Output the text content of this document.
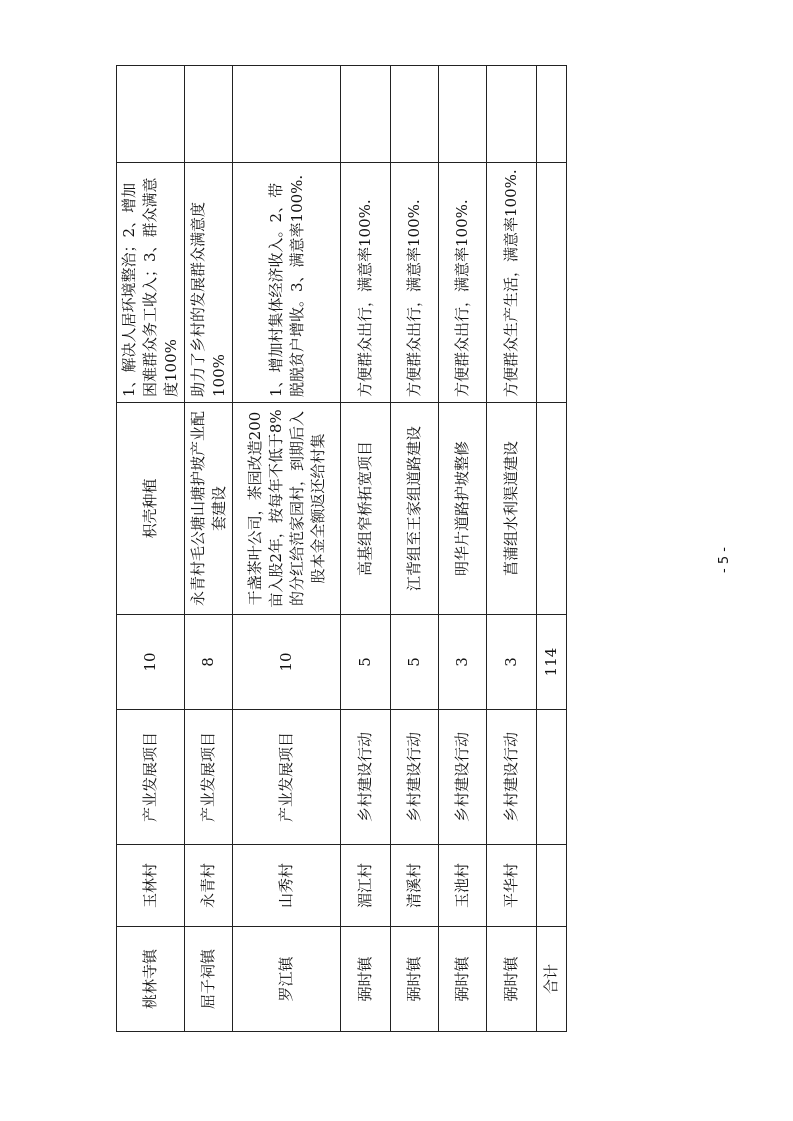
桃林寺镇	玉林村	产业发展项目	10	枳壳种植	1、解决人居环境整治；2、增加困难群众务工收入；3、群众满意度100%	
屈子祠镇	永青村	产业发展项目	8	永青村毛公塘山塘护坡产业配套建设	助力了乡村的发展群众满意度100%	
罗江镇	山秀村	产业发展项目	10	干盏茶叶公司，茶园改造200亩入股2年，按每年不低于8%的分红给范家园村，到期后入股本金全额返还给村集	1、增加村集体经济收入。2、带脱脱贫户增收。3、满意率100%.	
弼时镇	湄江村	乡村建设行动	5	高基组窄桥拓宽项目	方便群众出行，满意率100%.	
弼时镇	清溪村	乡村建设行动	5	江背组至王家组道路建设	方便群众出行，满意率100%.	
弼时镇	玉池村	乡村建设行动	3	明华片道路护坡整修	方便群众出行，满意率100%.	
弼时镇	平华村	乡村建设行动	3	菖蒲组水利渠道建设	方便群众生产生活，满意率100%.	
合计			114			
- 5 -
